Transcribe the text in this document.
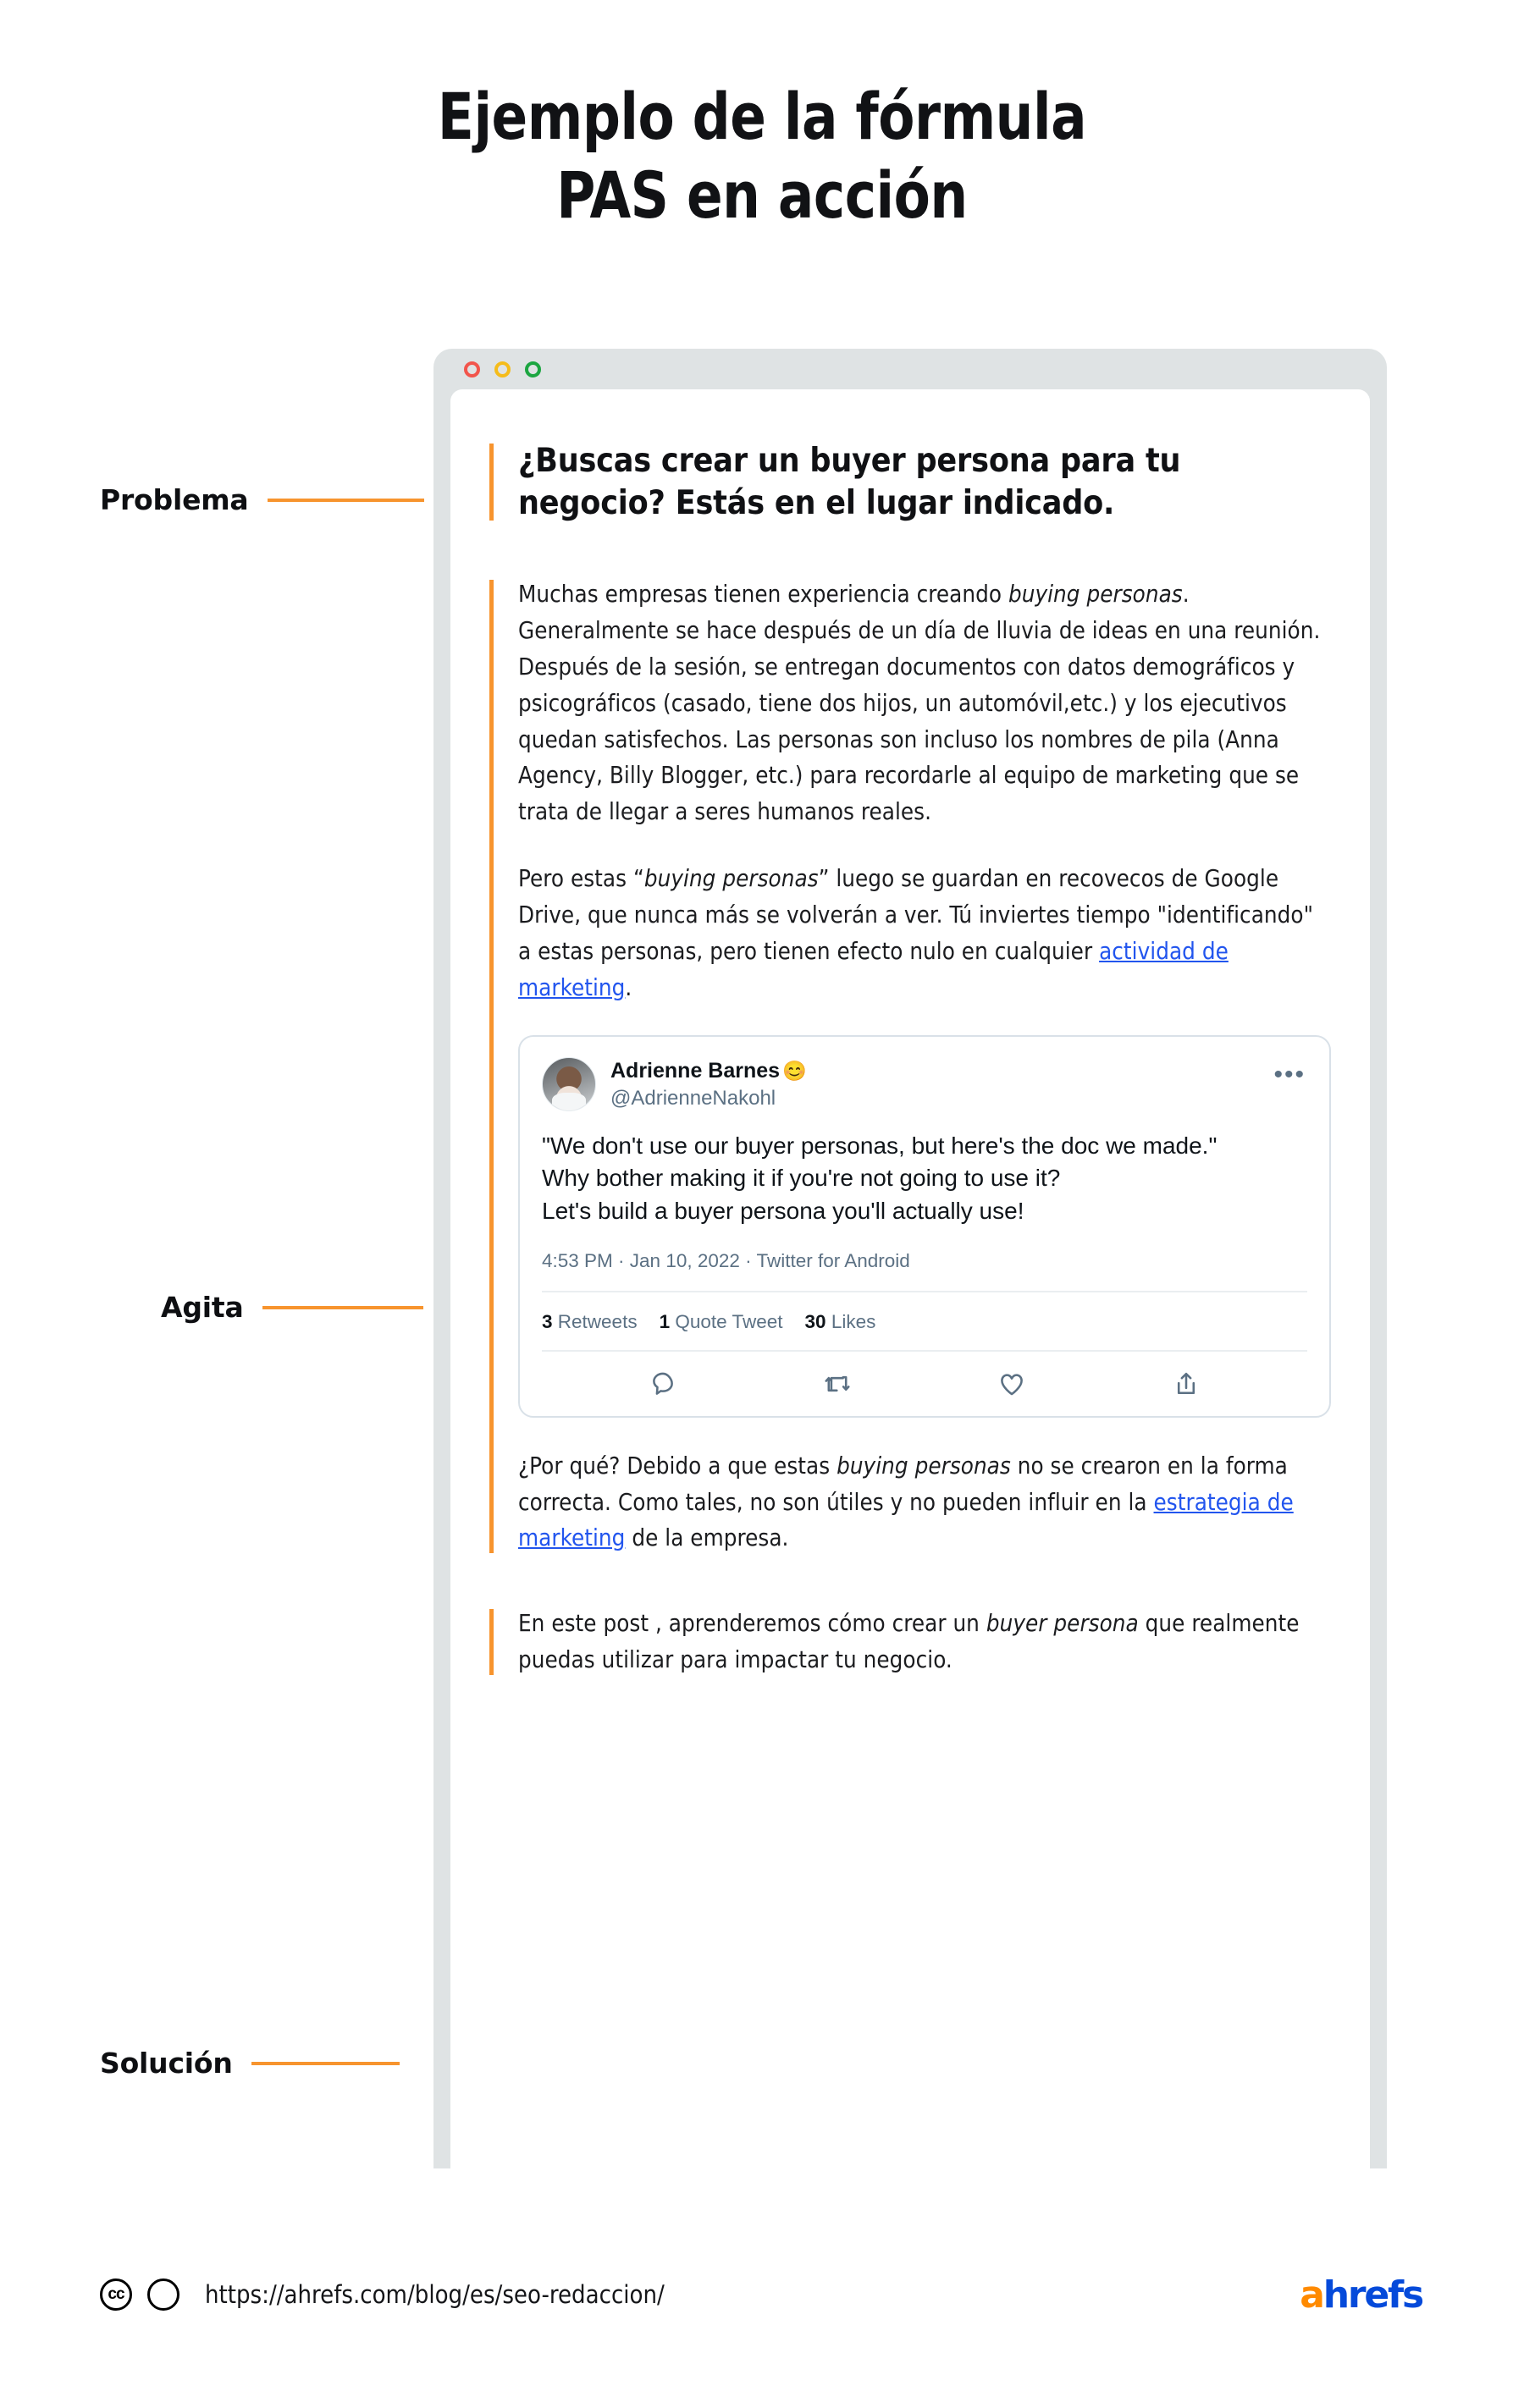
Ejemplo de la fórmula
PAS en acción
Problema
Agita
Solución
¿Buscas crear un buyer persona para tu negocio? Estás en el lugar indicado.

Muchas empresas tienen experiencia creando buying personas. Generalmente se hace después de un día de lluvia de ideas en una reunión. Después de la sesión, se entregan documentos con datos demográficos y psicográficos (casado, tiene dos hijos, un automóvil,etc.) y los ejecutivos quedan satisfechos. Las personas son incluso los nombres de pila (Anna Agency, Billy Blogger, etc.) para recordarle al equipo de marketing que se trata de llegar a seres humanos reales.

Pero estas “buying personas” luego se guardan en recovecos de Google Drive, que nunca más se volverán a ver. Tú inviertes tiempo "identificando" a estas personas, pero tienen efecto nulo en cualquier actividad de marketing.

Adrienne Barnes 😊
@AdrienneNakohl
•••
"We don't use our buyer personas, but here's the doc we made."
Why bother making it if you're not going to use it?
Let's build a buyer persona you'll actually use!
4:53 PM · Jan 10, 2022 · Twitter for Android
3 Retweets 1 Quote Tweet 30 Likes

¿Por qué? Debido a que estas buying personas no se crearon en la forma correcta. Como tales, no son útiles y no pueden influir en la estrategia de marketing de la empresa.

En este post , aprenderemos cómo crear un buyer persona que realmente puedas utilizar para impactar tu negocio.

cc	https://ahrefs.com/blog/es/seo-redaccion/	ahrefs
